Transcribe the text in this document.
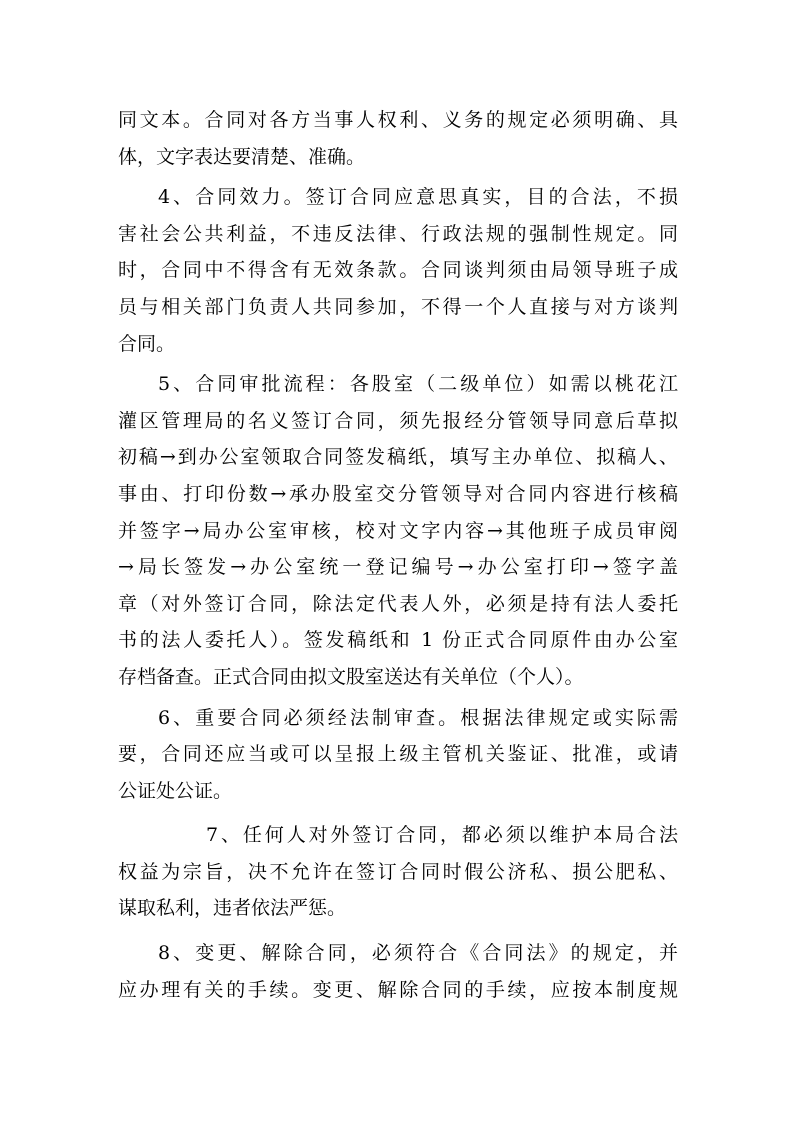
同文本。合同对各方当事人权利、义务的规定必须明确、具
体，文字表达要清楚、准确。
4、合同效力。签订合同应意思真实，目的合法，不损
害社会公共利益，不违反法律、行政法规的强制性规定。同
时，合同中不得含有无效条款。合同谈判须由局领导班子成
员与相关部门负责人共同参加，不得一个人直接与对方谈判
合同。
5、合同审批流程：各股室（二级单位）如需以桃花江
灌区管理局的名义签订合同，须先报经分管领导同意后草拟
初稿→到办公室领取合同签发稿纸，填写主办单位、拟稿人、
事由、打印份数→承办股室交分管领导对合同内容进行核稿
并签字→局办公室审核，校对文字内容→其他班子成员审阅
→局长签发→办公室统一登记编号→办公室打印→签字盖
章（对外签订合同，除法定代表人外，必须是持有法人委托
书的法人委托人）。签发稿纸和 1 份正式合同原件由办公室
存档备查。正式合同由拟文股室送达有关单位（个人）。
6、重要合同必须经法制审查。根据法律规定或实际需
要，合同还应当或可以呈报上级主管机关鉴证、批准，或请
公证处公证。
7、任何人对外签订合同，都必须以维护本局合法
权益为宗旨，决不允许在签订合同时假公济私、损公肥私、
谋取私利，违者依法严惩。
8、变更、解除合同，必须符合《合同法》的规定，并
应办理有关的手续。变更、解除合同的手续，应按本制度规
